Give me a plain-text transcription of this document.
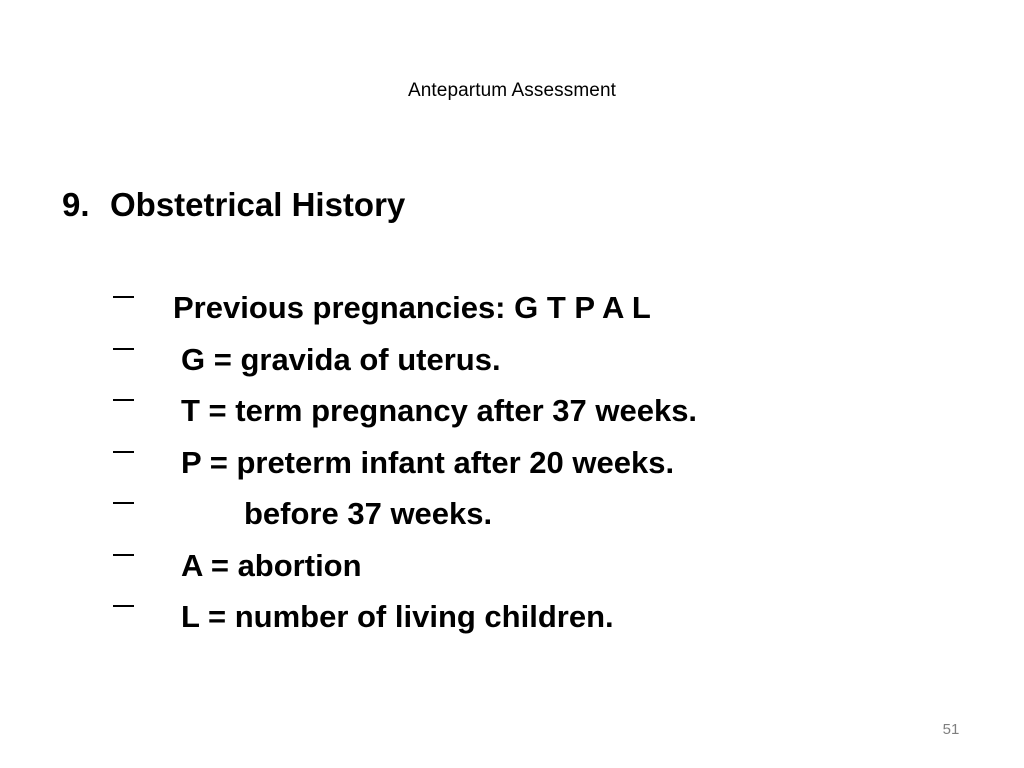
Antepartum Assessment
9. Obstetrical History

Previous pregnancies: G T P A L

G = gravida of uterus.

T = term pregnancy after 37 weeks.

P = preterm infant after 20 weeks.

before 37 weeks.

A = abortion

L = number of living children.

51
